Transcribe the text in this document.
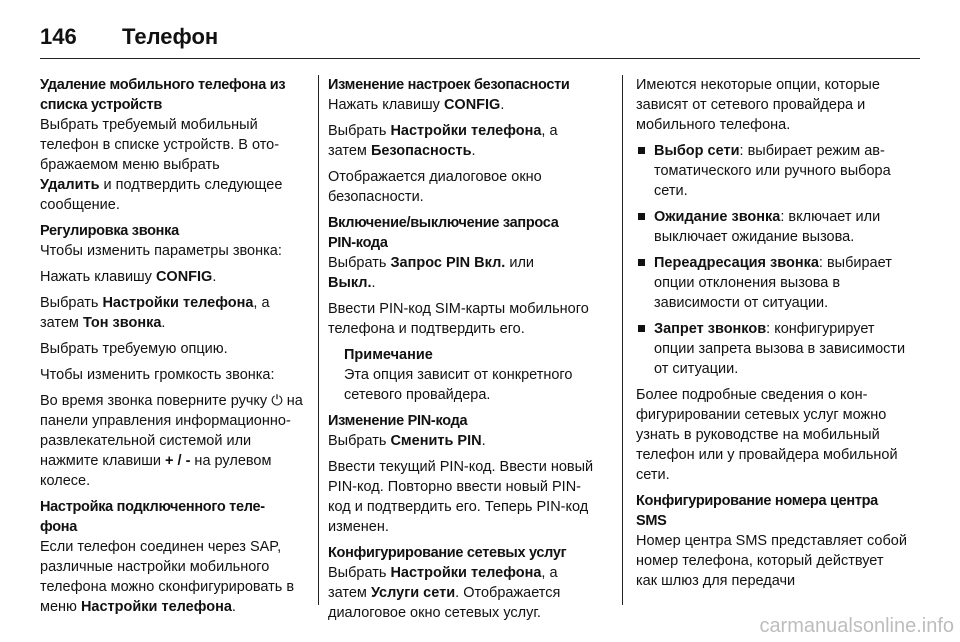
146	Телефон
Удаление мобильного телефона из
списка устройств

Выбрать требуемый мобильный телефон в списке устройств. В отображаемом меню выбрать
Удалить и подтвердить следующее сообщение.

Регулировка звонка

Чтобы изменить параметры звонка:

Нажать клавишу CONFIG.

Выбрать Настройки телефона, а затем Тон звонка.

Выбрать требуемую опцию.

Чтобы изменить громкость звонка:

Во время звонка поверните ручку ⏻ на панели управления информационно-развлекательной системой или нажмите клавиши + / - на рулевом колесе.

Настройка подключенного теле-
фона

Если телефон соединен через SAP, различные настройки мобильного телефона можно сконфигурировать в меню Настройки телефона.

Изменение настроек безопасности

Нажать клавишу CONFIG.

Выбрать Настройки телефона, а затем Безопасность.

Отображается диалоговое окно безопасности.

Включение/выключение запроса
PIN-кода

Выбрать Запрос PIN Вкл. или
Выкл..

Ввести PIN-код SIM-карты мобильного телефона и подтвердить его.

Примечание
Эта опция зависит от конкретного сетевого провайдера.
Изменение PIN-кода

Выбрать Сменить PIN.

Ввести текущий PIN-код. Ввести новый PIN-код. Повторно ввести новый PIN-код и подтвердить его. Теперь PIN-код изменен.

Конфигурирование сетевых услуг

Выбрать Настройки телефона, а затем Услуги сети. Отображается диалоговое окно сетевых услуг.

Имеются некоторые опции, которые зависят от сетевого провайдера и мобильного телефона.

Выбор сети: выбирает режим автоматического или ручного выбора сети.
Ожидание звонка: включает или выключает ожидание вызова.
Переадресация звонка: выбирает опции отклонения вызова в зависимости от ситуации.
Запрет звонков: конфигурирует опции запрета вызова в зависимости от ситуации.

Более подробные сведения о конфигурировании сетевых услуг можно узнать в руководстве на мобильный телефон или у провайдера мобильной сети.

Конфигурирование номера центра
SMS

Номер центра SMS представляет собой номер телефона, который действует как шлюз для передачи

carmanualsonline.info
